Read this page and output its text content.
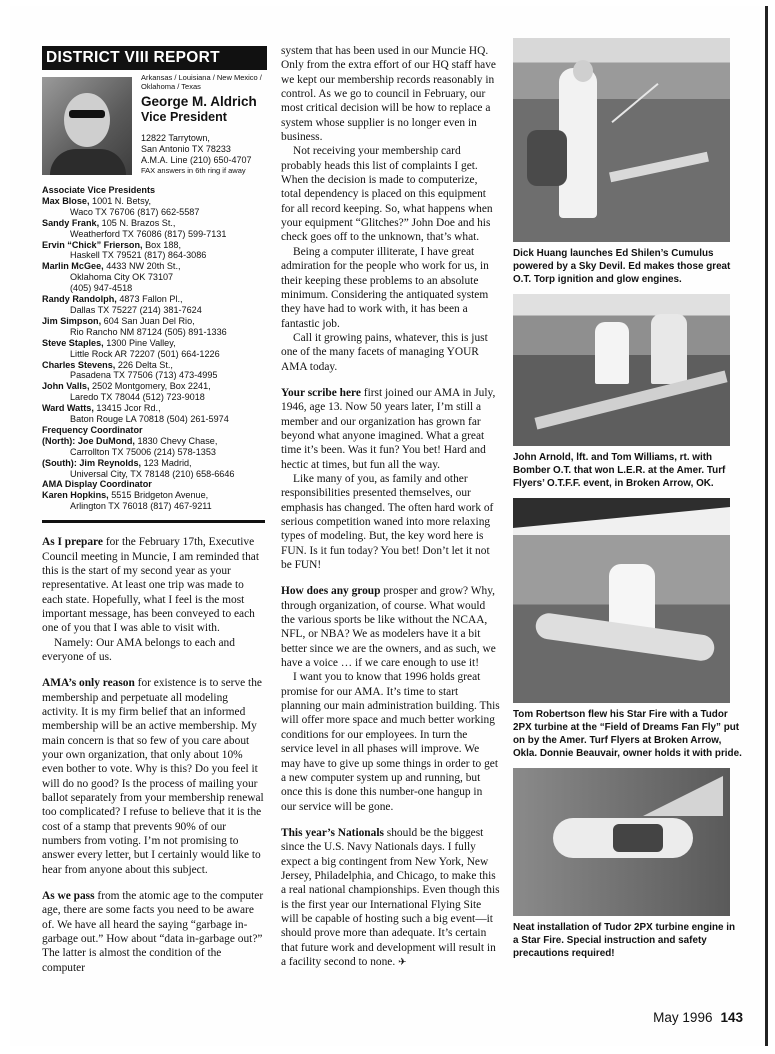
DISTRICT VIII REPORT
Arkansas / Louisiana / New Mexico / Oklahoma / Texas
George M. Aldrich
Vice President
12822 Tarrytown,
San Antonio TX 78233
A.M.A. Line (210) 650-4707
FAX answers in 6th ring if away
Associate Vice Presidents
Max Blose, 1001 N. Betsy,
Waco TX 76706 (817) 662-5587
Sandy Frank, 105 N. Brazos St.,
Weatherford TX 76086 (817) 599-7131
Ervin “Chick” Frierson, Box 188,
Haskell TX 79521 (817) 864-3086
Marlin McGee, 4433 NW 20th St.,
Oklahoma City OK 73107
(405) 947-4518
Randy Randolph, 4873 Fallon Pl.,
Dallas TX 75227 (214) 381-7624
Jim Simpson, 604 San Juan Del Rio,
Rio Rancho NM 87124 (505) 891-1336
Steve Staples, 1300 Pine Valley,
Little Rock AR 72207 (501) 664-1226
Charles Stevens, 226 Delta St.,
Pasadena TX 77506 (713) 473-4995
John Valls, 2502 Montgomery, Box 2241,
Laredo TX 78044 (512) 723-9018
Ward Watts, 13415 Jcor Rd.,
Baton Rouge LA 70818 (504) 261-5974
Frequency Coordinator
(North): Joe DuMond, 1830 Chevy Chase,
Carrollton TX 75006 (214) 578-1353
(South): Jim Reynolds, 123 Madrid,
Universal City, TX 78148 (210) 658-6646
AMA Display Coordinator
Karen Hopkins, 5515 Bridgeton Avenue,
Arlington TX 76018 (817) 467-9211

As I prepare for the February 17th, Executive Council meeting in Muncie, I am reminded that this is the start of my second year as your representative. At least one trip was made to each state. Hopefully, what I feel is the most important message, has been conveyed to each one of you that I was able to visit with.

Namely: Our AMA belongs to each and everyone of us.

AMA’s only reason for existence is to serve the membership and perpetuate all modeling activity. It is my firm belief that an informed membership will be an active membership. My main concern is that so few of you care about your own organization, that only about 10% even bother to vote. Why is this? Do you feel it will do no good? Is the process of mailing your ballot separately from your membership renewal too complicated? I refuse to believe that it is the cost of a stamp that prevents 90% of our numbers from voting. I’m not promising to answer every letter, but I certainly would like to hear from anyone about this subject.

As we pass from the atomic age to the computer age, there are some facts you need to be aware of. We have all heard the saying “garbage in-garbage out.” How about “data in-garbage out?” The latter is almost the condition of the computer

system that has been used in our Muncie HQ. Only from the extra effort of our HQ staff have we kept our membership records reasonably in control. As we go to council in February, our most critical decision will be how to replace a system whose supplier is no longer even in business.

Not receiving your membership card probably heads this list of complaints I get. When the decision is made to computerize, total dependency is placed on this equipment for all record keeping. So, what happens when your equipment “Glitches?” John Doe and his check goes off to the unknown, that’s what.

Being a computer illiterate, I have great admiration for the people who work for us, in their keeping these problems to an absolute minimum. Considering the antiquated system they have had to work with, it has been a fantastic job.

Call it growing pains, whatever, this is just one of the many facets of managing YOUR AMA today.

Your scribe here first joined our AMA in July, 1946, age 13. Now 50 years later, I’m still a member and our organization has grown far beyond what anyone imagined. What a great time it’s been. Was it fun? You bet! Hard and hectic at times, but fun all the way.

Like many of you, as family and other responsibilities presented themselves, our emphasis has changed. The often hard work of serious competition waned into more relaxing types of modeling. But, the key word here is FUN. Is it fun today? You bet! Don’t let it not be FUN!

How does any group prosper and grow? Why, through organization, of course. What would the various sports be like without the NCAA, NFL, or NBA? We as modelers have it a bit better since we are the owners, and as such, we have a voice … if we care enough to use it!

I want you to know that 1996 holds great promise for our AMA. It’s time to start planning our main administration building. This will offer more space and much better working conditions for our employees. In turn the service level in all phases will improve. We may have to give up some things in order to get a new computer system up and running, but once this is done this number-one hangup in our service will be gone.

This year’s Nationals should be the biggest since the U.S. Navy Nationals days. I fully expect a big contingent from New York, New Jersey, Philadelphia, and Chicago, to make this a real national championships. Even though this is the first year our International Flying Site will be capable of hosting such a big event—it should prove more than adequate. It’s certain that future work and development will result in a facility second to none. ✈

Dick Huang launches Ed Shilen’s Cumulus powered by a Sky Devil. Ed makes those great O.T. Torp ignition and glow engines.
John Arnold, lft. and Tom Williams, rt. with Bomber O.T. that won L.E.R. at the Amer. Turf Flyers’ O.T.F.F. event, in Broken Arrow, OK.
Tom Robertson flew his Star Fire with a Tudor 2PX turbine at the “Field of Dreams Fan Fly” put on by the Amer. Turf Flyers at Broken Arrow, Okla. Donnie Beauvair, owner holds it with pride.
Neat installation of Tudor 2PX turbine engine in a Star Fire. Special instruction and safety precautions required!
May 1996 143
